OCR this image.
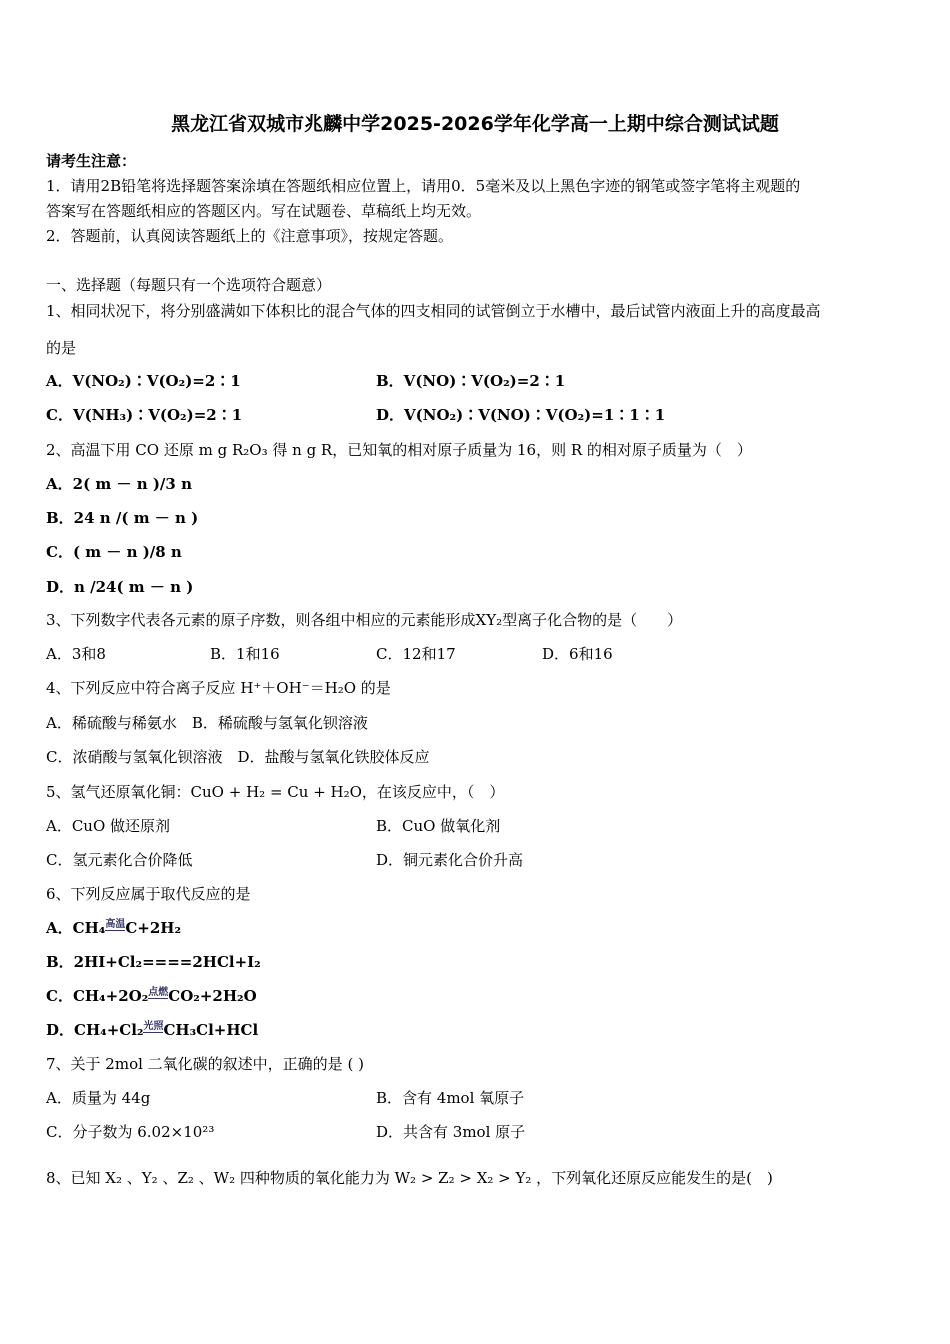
黑龙江省双城市兆麟中学2025-2026学年化学高一上期中综合测试试题
请考生注意：
1．请用2B铅笔将选择题答案涂填在答题纸相应位置上，请用0．5毫米及以上黑色字迹的钢笔或签字笔将主观题的
答案写在答题纸相应的答题区内。写在试题卷、草稿纸上均无效。
2．答题前，认真阅读答题纸上的《注意事项》，按规定答题。
一、选择题（每题只有一个选项符合题意）
1、相同状况下，将分别盛满如下体积比的混合气体的四支相同的试管倒立于水槽中，最后试管内液面上升的高度最高
的是
A．V(NO₂)∶V(O₂)=2∶1	B．V(NO)∶V(O₂)=2∶1
C．V(NH₃)∶V(O₂)=2∶1	D．V(NO₂)∶V(NO)∶V(O₂)=1∶1∶1
2、高温下用 CO 还原 m g R₂O₃ 得 n g R，已知氧的相对原子质量为 16，则 R 的相对原子质量为（　）
A．2( m － n )/3 n
B．24 n /( m － n )
C．( m － n )/8 n
D．n /24( m － n )
3、下列数字代表各元素的原子序数，则各组中相应的元素能形成XY₂型离子化合物的是（　　）
A．3和8	B．1和16	C．12和17	D．6和16
4、下列反应中符合离子反应 H⁺＋OH⁻＝H₂O 的是
A．稀硫酸与稀氨水　B．稀硫酸与氢氧化钡溶液
C．浓硝酸与氢氧化钡溶液　D．盐酸与氢氧化铁胶体反应
5、氢气还原氧化铜：CuO + H₂ = Cu + H₂O，在该反应中，（　）
A．CuO 做还原剂	B．CuO 做氧化剂
C．氢元素化合价降低	D．铜元素化合价升高
6、下列反应属于取代反应的是
A．CH₄高温C+2H₂
B．2HI+Cl₂====2HCl+I₂
C．CH₄+2O₂点燃CO₂+2H₂O
D．CH₄+Cl₂光照CH₃Cl+HCl
7、关于 2mol 二氧化碳的叙述中，正确的是 ( )
A．质量为 44g	B．含有 4mol 氧原子
C．分子数为 6.02×10²³	D．共含有 3mol 原子
8、已知 X₂ 、Y₂ 、Z₂ 、W₂ 四种物质的氧化能力为 W₂ > Z₂ > X₂ > Y₂ ，下列氧化还原反应能发生的是(　)
